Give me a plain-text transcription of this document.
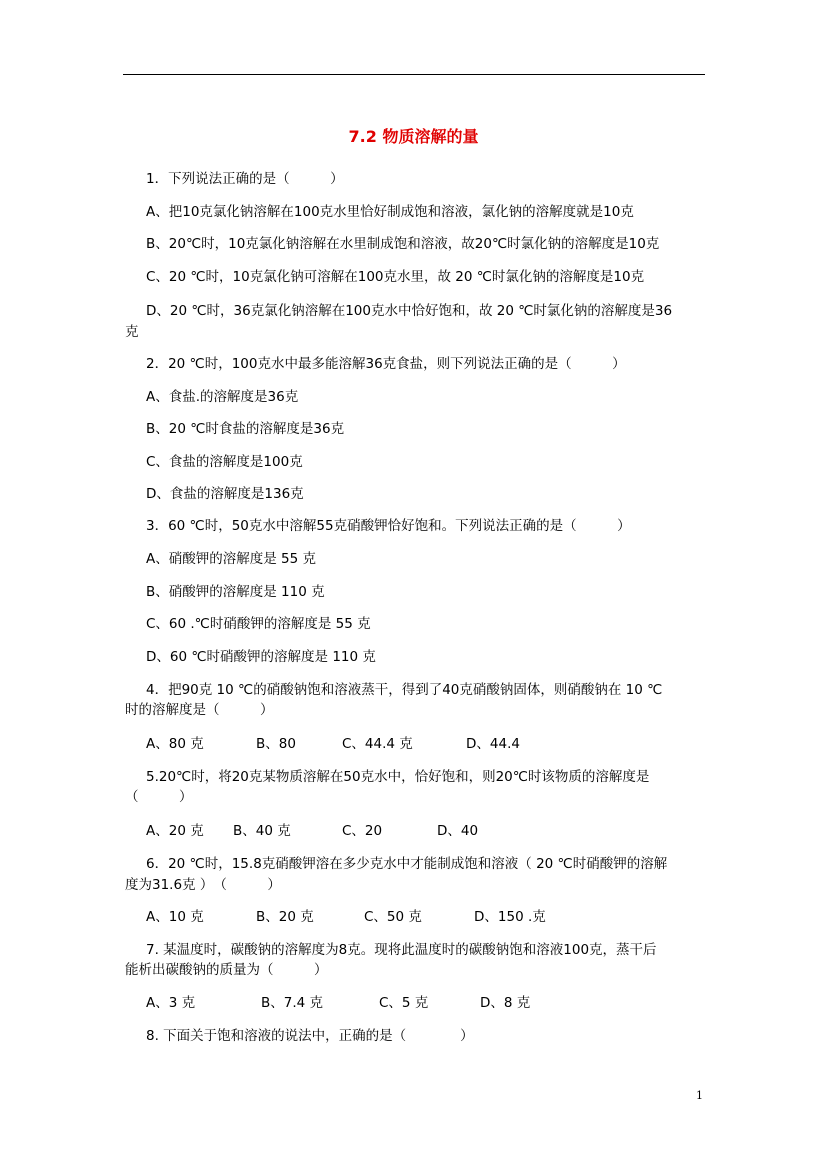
7.2 物质溶解的量
1．下列说法正确的是（　　　）
A、把10克氯化钠溶解在100克水里恰好制成饱和溶液，氯化钠的溶解度就是10克
B、20℃时，10克氯化钠溶解在水里制成饱和溶液，故20℃时氯化钠的溶解度是10克
C、20 ℃时，10克氯化钠可溶解在100克水里，故 20 ℃时氯化钠的溶解度是10克
D、20 ℃时，36克氯化钠溶解在100克水中恰好饱和，故 20 ℃时氯化钠的溶解度是36
克
2．20 ℃时，100克水中最多能溶解36克食盐，则下列说法正确的是（　　　）
A、食盐.的溶解度是36克
B、20 ℃时食盐的溶解度是36克
C、食盐的溶解度是100克
D、食盐的溶解度是136克
3．60 ℃时，50克水中溶解55克硝酸钾恰好饱和。下列说法正确的是（　　　）
A、硝酸钾的溶解度是 55 克
B、硝酸钾的溶解度是 110 克
C、60 .℃时硝酸钾的溶解度是 55 克
D、60 ℃时硝酸钾的溶解度是 110 克
4．把90克 10 ℃的硝酸钠饱和溶液蒸干，得到了40克硝酸钠固体，则硝酸钠在 10 ℃
时的溶解度是（　　　）
A、80 克	B、80	C、44.4 克	D、44.4
5.20℃时，将20克某物质溶解在50克水中，恰好饱和，则20℃时该物质的溶解度是
（　　　）
A、20 克 B、40 克	C、20	D、40
6．20 ℃时，15.8克硝酸钾溶在多少克水中才能制成饱和溶液（ 20 ℃时硝酸钾的溶解
度为31.6克 ）　（　　　）
A、10 克	B、20 克	C、50 克	D、150 .克
7. 某温度时，碳酸钠的溶解度为8克。现将此温度时的碳酸钠饱和溶液100克，蒸干后
能析出碳酸钠的质量为（　　　）
A、3 克	B、7.4 克	C、5 克	D、8 克
8. 下面关于饱和溶液的说法中，正确的是（　　　　）
1
